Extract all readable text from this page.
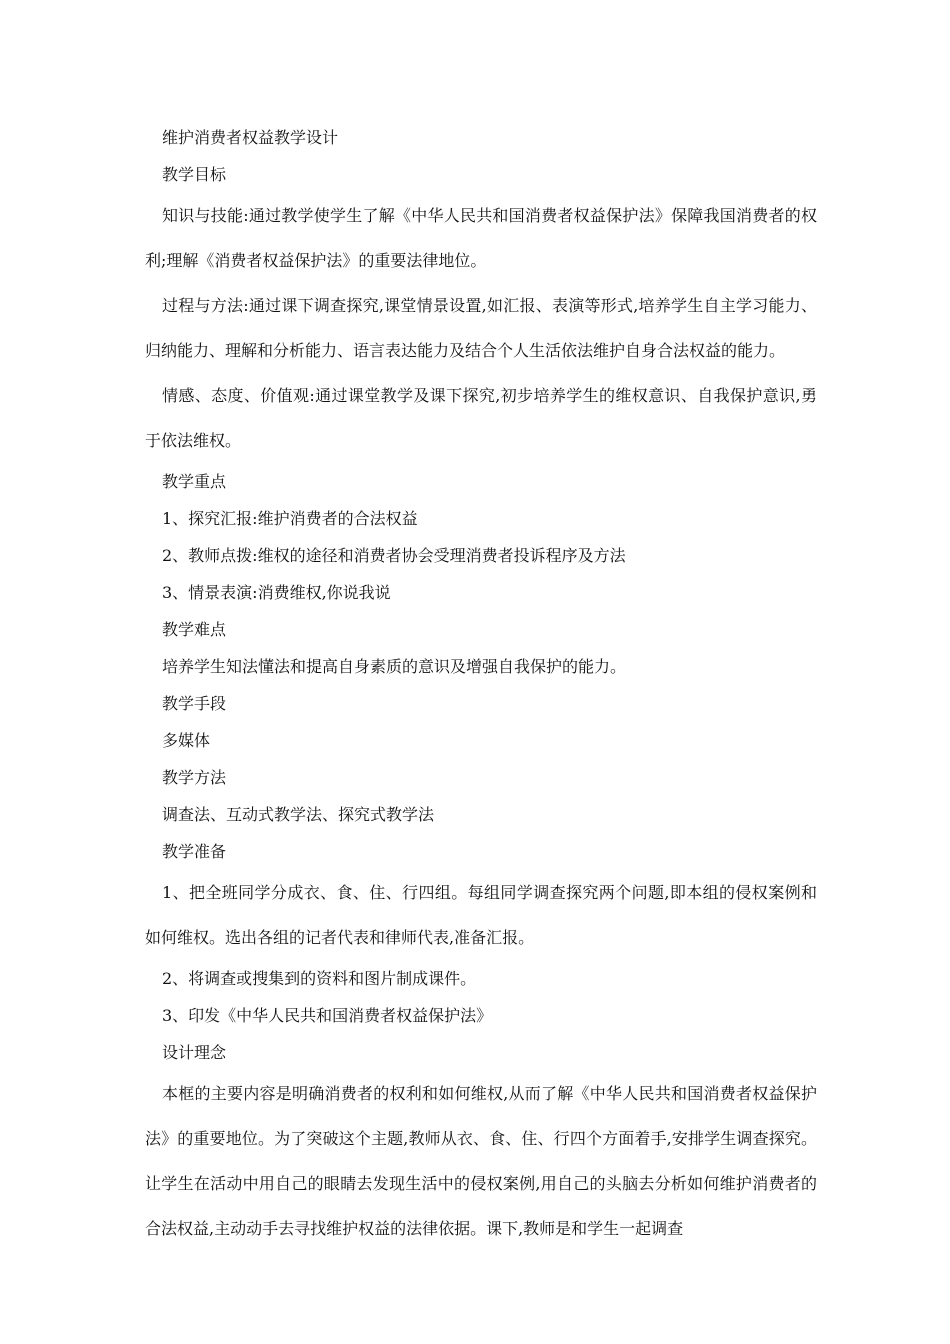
维护消费者权益教学设计

教学目标

知识与技能:通过教学使学生了解《中华人民共和国消费者权益保护法》保障我国消费者的权利;理解《消费者权益保护法》的重要法律地位。

过程与方法:通过课下调查探究,课堂情景设置,如汇报、表演等形式,培养学生自主学习能力、归纳能力、理解和分析能力、语言表达能力及结合个人生活依法维护自身合法权益的能力。

情感、态度、价值观:通过课堂教学及课下探究,初步培养学生的维权意识、自我保护意识,勇于依法维权。

教学重点

1、探究汇报:维护消费者的合法权益

2、教师点拨:维权的途径和消费者协会受理消费者投诉程序及方法

3、情景表演:消费维权,你说我说

教学难点

培养学生知法懂法和提高自身素质的意识及增强自我保护的能力。

教学手段

多媒体

教学方法

调查法、互动式教学法、探究式教学法

教学准备

1、把全班同学分成衣、食、住、行四组。每组同学调查探究两个问题,即本组的侵权案例和如何维权。选出各组的记者代表和律师代表,准备汇报。

2、将调查或搜集到的资料和图片制成课件。

3、印发《中华人民共和国消费者权益保护法》

设计理念

本框的主要内容是明确消费者的权利和如何维权,从而了解《中华人民共和国消费者权益保护法》的重要地位。为了突破这个主题,教师从衣、食、住、行四个方面着手,安排学生调查探究。让学生在活动中用自己的眼睛去发现生活中的侵权案例,用自己的头脑去分析如何维护消费者的合法权益,主动动手去寻找维护权益的法律依据。课下,教师是和学生一起调查
